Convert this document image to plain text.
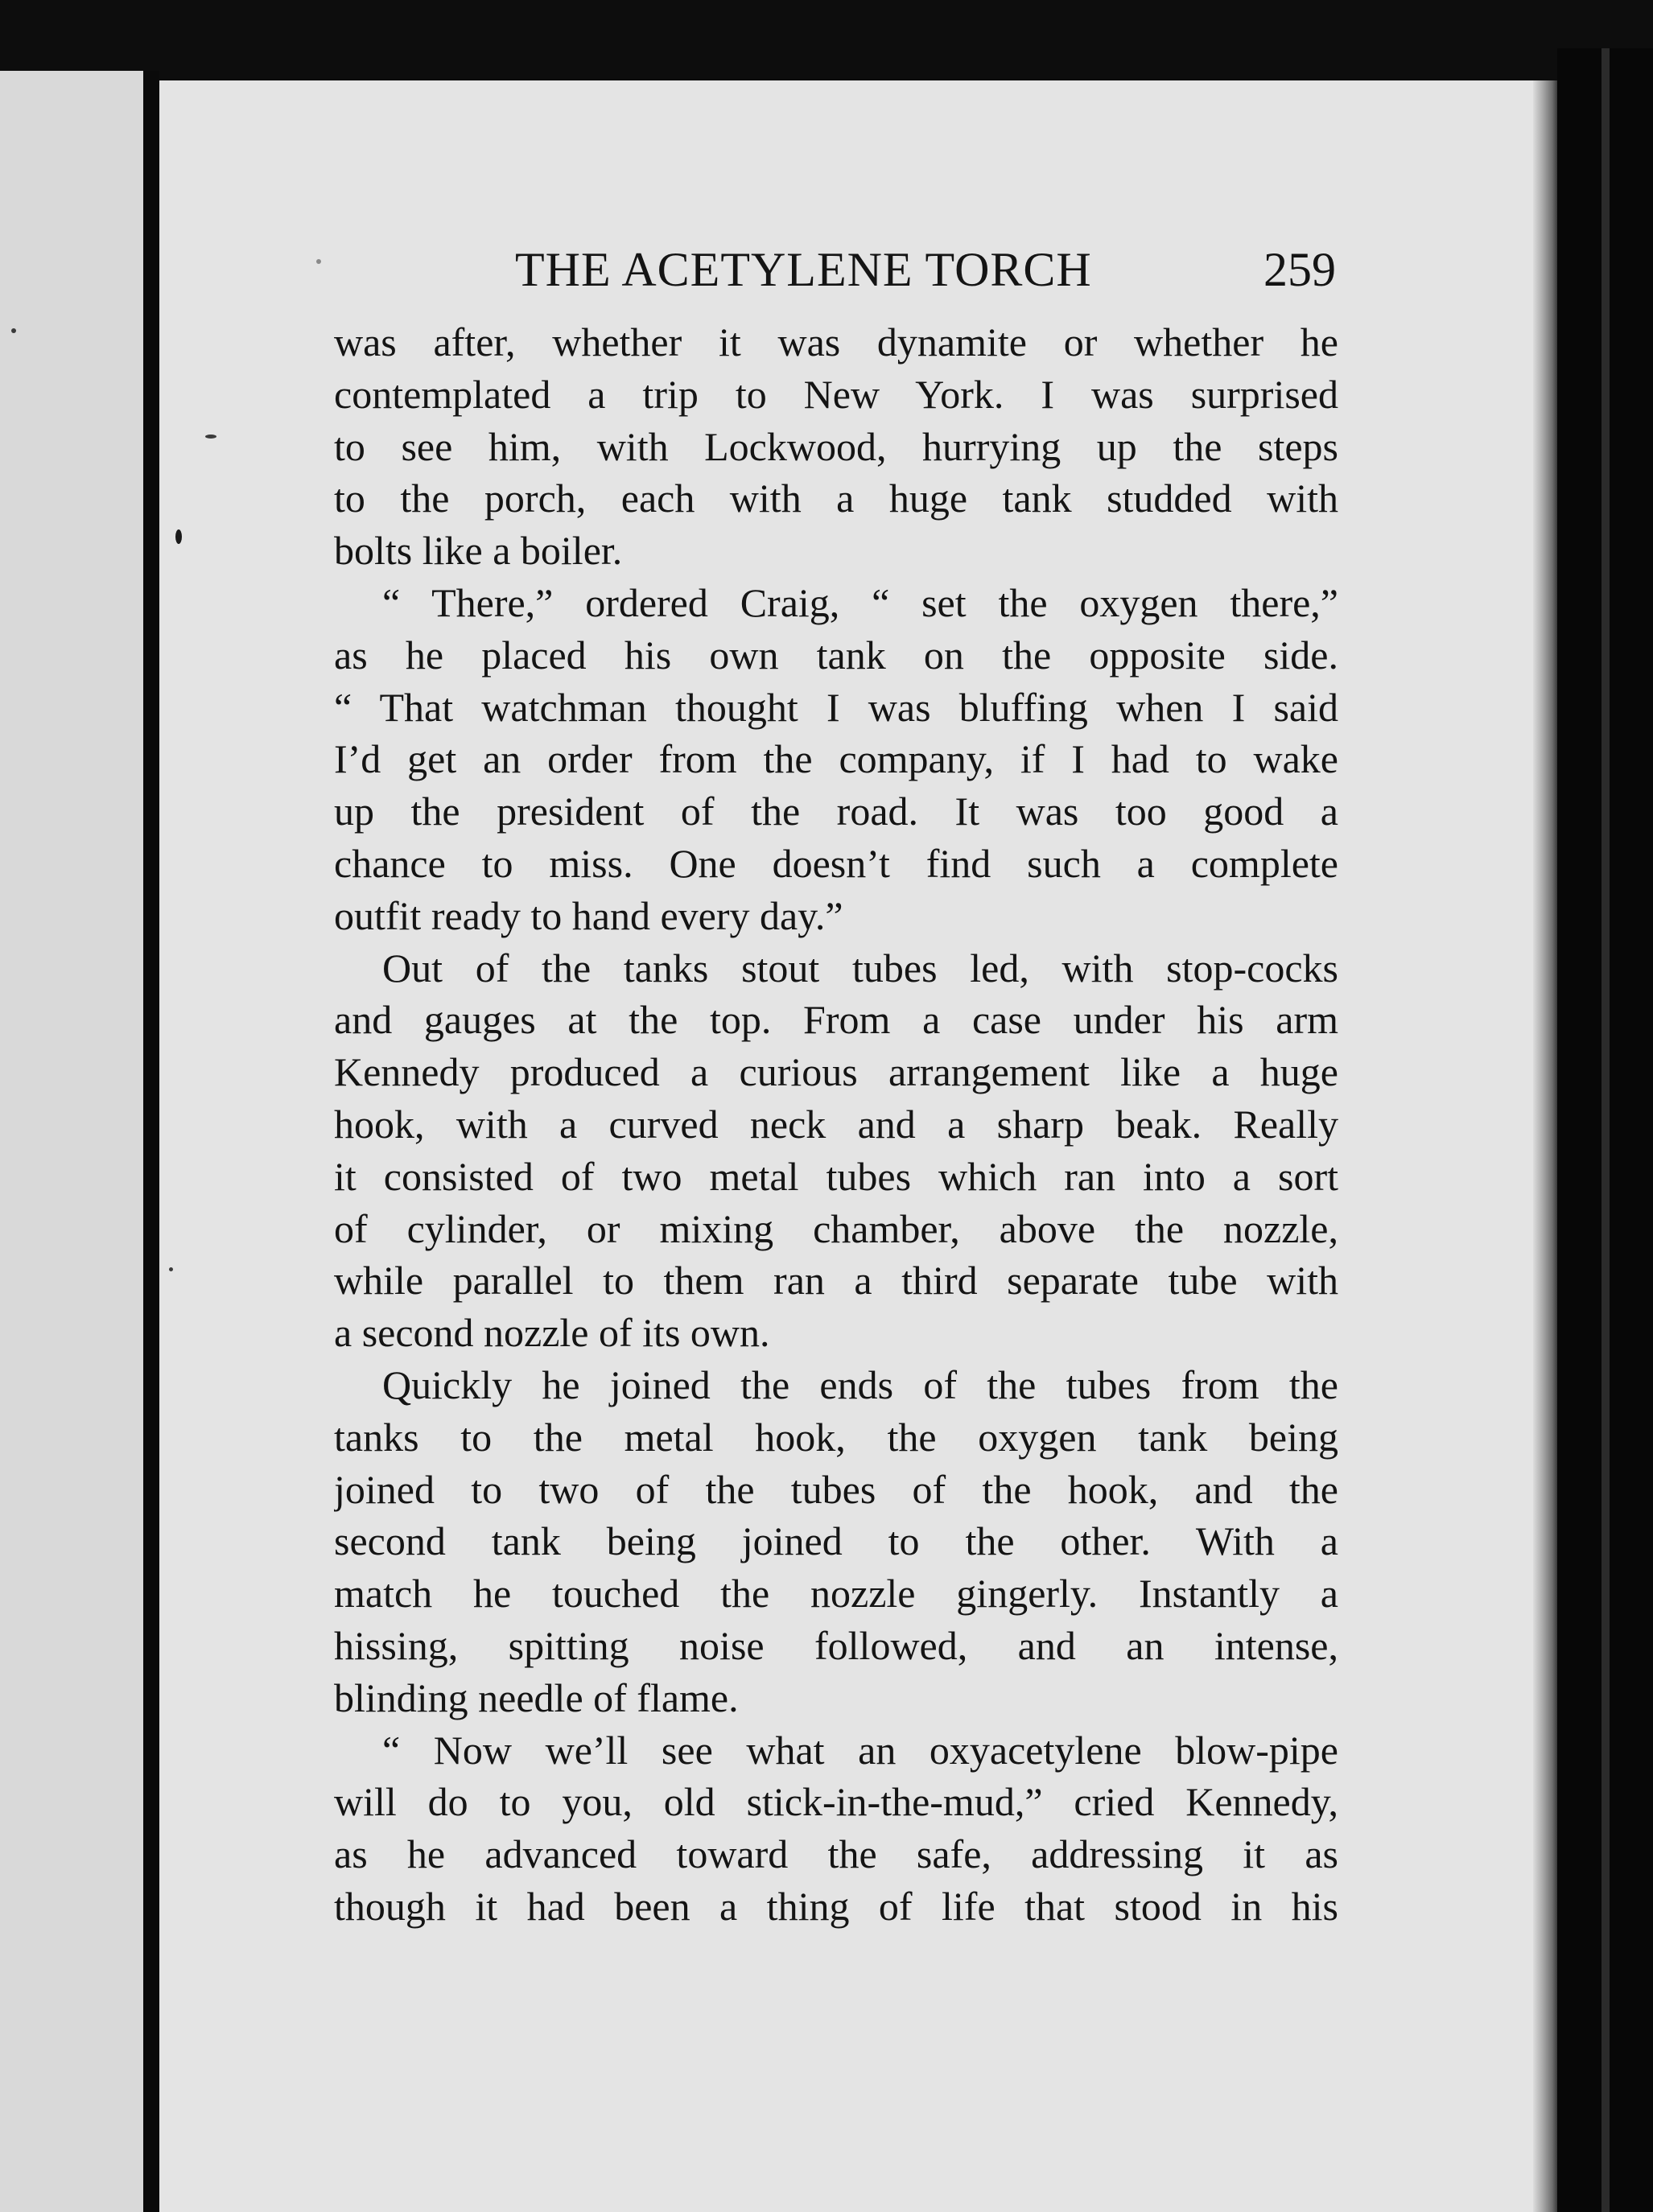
THE ACETYLENE TORCH	259
was after, whether it was dynamite or whether he
contemplated a trip to New York. I was surprised
to see him, with Lockwood, hurrying up the steps
to the porch, each with a huge tank studded with
bolts like a boiler.
“ There,” ordered Craig, “ set the oxygen there,”
as he placed his own tank on the opposite side.
“ That watchman thought I was bluffing when I said
I’d get an order from the company, if I had to wake
up the president of the road. It was too good a
chance to miss. One doesn’t find such a complete
outfit ready to hand every day.”
Out of the tanks stout tubes led, with stop-cocks
and gauges at the top. From a case under his arm
Kennedy produced a curious arrangement like a huge
hook, with a curved neck and a sharp beak. Really
it consisted of two metal tubes which ran into a sort
of cylinder, or mixing chamber, above the nozzle,
while parallel to them ran a third separate tube with
a second nozzle of its own.
Quickly he joined the ends of the tubes from the
tanks to the metal hook, the oxygen tank being
joined to two of the tubes of the hook, and the
second tank being joined to the other. With a
match he touched the nozzle gingerly. Instantly a
hissing, spitting noise followed, and an intense,
blinding needle of flame.
“ Now we’ll see what an oxyacetylene blow-pipe
will do to you, old stick-in-the-mud,” cried Kennedy,
as he advanced toward the safe, addressing it as
though it had been a thing of life that stood in his
